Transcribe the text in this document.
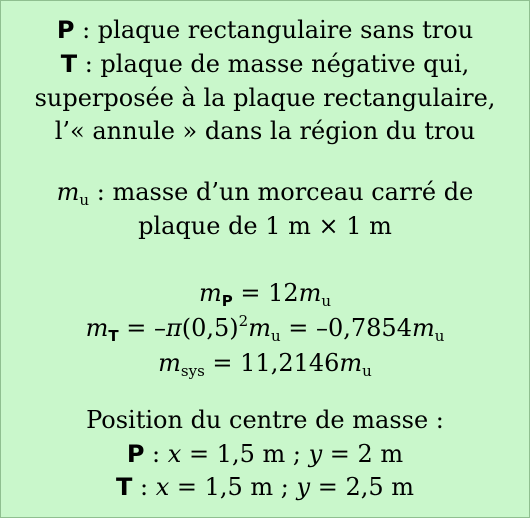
P : plaque rectangulaire sans trou
T : plaque de masse négative qui,
superposée à la plaque rectangulaire,
l’« annule » dans la région du trou
$m_u$ : masse d’un morceau carré de
plaque de 1 m × 1 m
$m_P = 12m_u$
$m_T = -\pi(0,5)^2m_u = -0,7854m_u$
$m_{sys} = 11,2146m_u$
Position du centre de masse :
P : x = 1,5 m ; y = 2 m
T : x = 1,5 m ; y = 2,5 m
